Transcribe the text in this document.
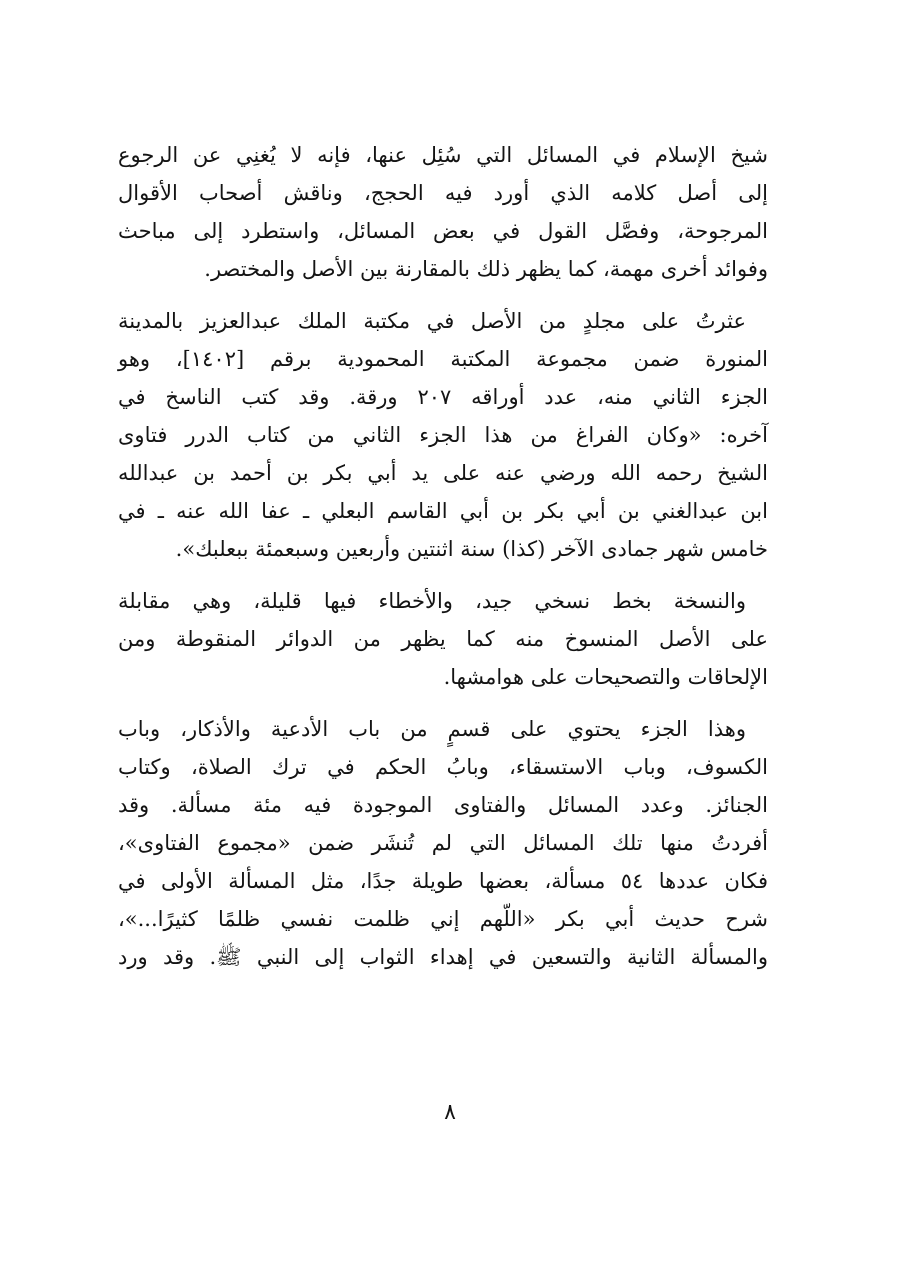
شيخ الإسلام في المسائل التي سُئِل عنها، فإنه لا يُغنِي عن الرجوع
إلى أصل كلامه الذي أورد فيه الحجج، وناقش أصحاب الأقوال
المرجوحة، وفصَّل القول في بعض المسائل، واستطرد إلى مباحث
وفوائد أخرى مهمة، كما يظهر ذلك بالمقارنة بين الأصل والمختصر.
عثرتُ على مجلدٍ من الأصل في مكتبة الملك عبدالعزيز بالمدينة
المنورة ضمن مجموعة المكتبة المحمودية برقم [١٤٠٢]، وهو
الجزء الثاني منه، عدد أوراقه ٢٠٧ ورقة. وقد كتب الناسخ في
آخره: «وكان الفراغ من هذا الجزء الثاني من كتاب الدرر فتاوى
الشيخ رحمه الله ورضي عنه على يد أبي بكر بن أحمد بن عبدالله
ابن عبدالغني بن أبي بكر بن أبي القاسم البعلي ـ عفا الله عنه ـ في
خامس شهر جمادى الآخر (كذا) سنة اثنتين وأربعين وسبعمئة ببعلبك».
والنسخة بخط نسخي جيد، والأخطاء فيها قليلة، وهي مقابلة
على الأصل المنسوخ منه كما يظهر من الدوائر المنقوطة ومن
الإلحاقات والتصحيحات على هوامشها.
وهذا الجزء يحتوي على قسمٍ من باب الأدعية والأذكار، وباب
الكسوف، وباب الاستسقاء، وبابُ الحكم في ترك الصلاة، وكتاب
الجنائز. وعدد المسائل والفتاوى الموجودة فيه مئة مسألة. وقد
أفردتُ منها تلك المسائل التي لم تُنشَر ضمن «مجموع الفتاوى»،
فكان عددها ٥٤ مسألة، بعضها طويلة جدًا، مثل المسألة الأولى في
شرح حديث أبي بكر «اللّهم إني ظلمت نفسي ظلمًا كثيرًا...»،
والمسألة الثانية والتسعين في إهداء الثواب إلى النبي ﷺ. وقد ورد
٨
